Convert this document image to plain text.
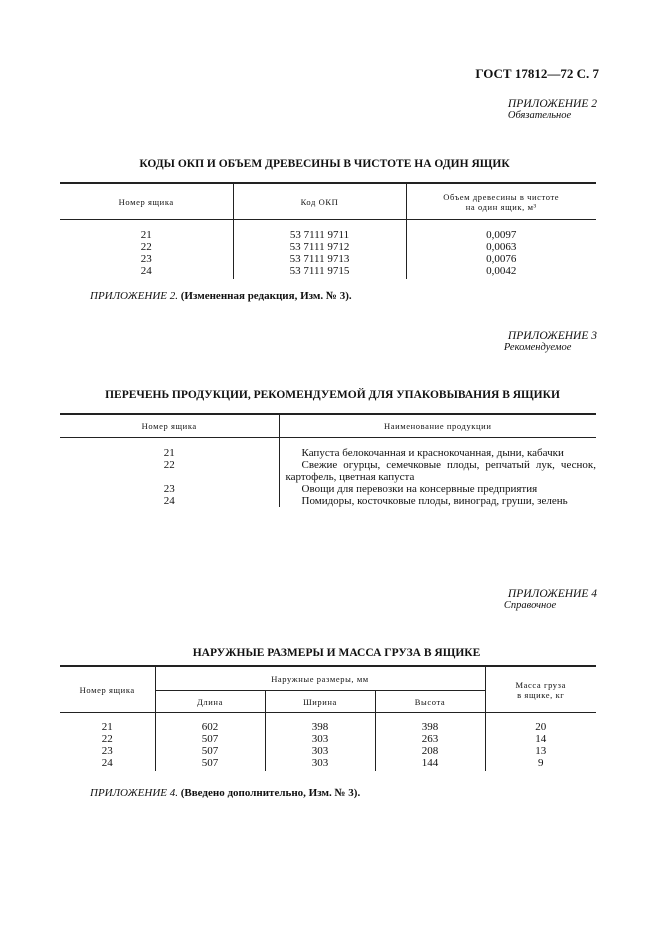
ГОСТ 17812—72 С. 7
ПРИЛОЖЕНИЕ 2
Обязательное
КОДЫ ОКП И ОБЪЕМ ДРЕВЕСИНЫ В ЧИСТОТЕ НА ОДИН ЯЩИК
Номер ящика	Код ОКП	Объем древесины в чистоте
на один ящик, м³

21	53 7111 9711	0,0097
22	53 7111 9712	0,0063
23	53 7111 9713	0,0076
24	53 7111 9715	0,0042
ПРИЛОЖЕНИЕ 2. (Измененная редакция, Изм. № 3).
ПРИЛОЖЕНИЕ 3
Рекомендуемое
ПЕРЕЧЕНЬ ПРОДУКЦИИ, РЕКОМЕНДУЕМОЙ ДЛЯ УПАКОВЫВАНИЯ В ЯЩИКИ
Номер ящика	Наименование продукции
21	Капуста белокочанная и краснокочанная, дыни, кабачки
22	Свежие огурцы, семечковые плоды, репчатый лук, чеснок, картофель, цветная капуста
23	Овощи для перевозки на консервные предприятия
24	Помидоры, косточковые плоды, виноград, груши, зелень
ПРИЛОЖЕНИЕ 4
Справочное
НАРУЖНЫЕ РАЗМЕРЫ И МАССА ГРУЗА В ЯЩИКЕ
Номер ящика	Наружные размеры, мм			Масса груза
в ящике, кг

	Длина	Ширина	Высота	
21	602	398	398	20
22	507	303	263	14
23	507	303	208	13
24	507	303	144	9
ПРИЛОЖЕНИЕ 4. (Введено дополнительно, Изм. № 3).
